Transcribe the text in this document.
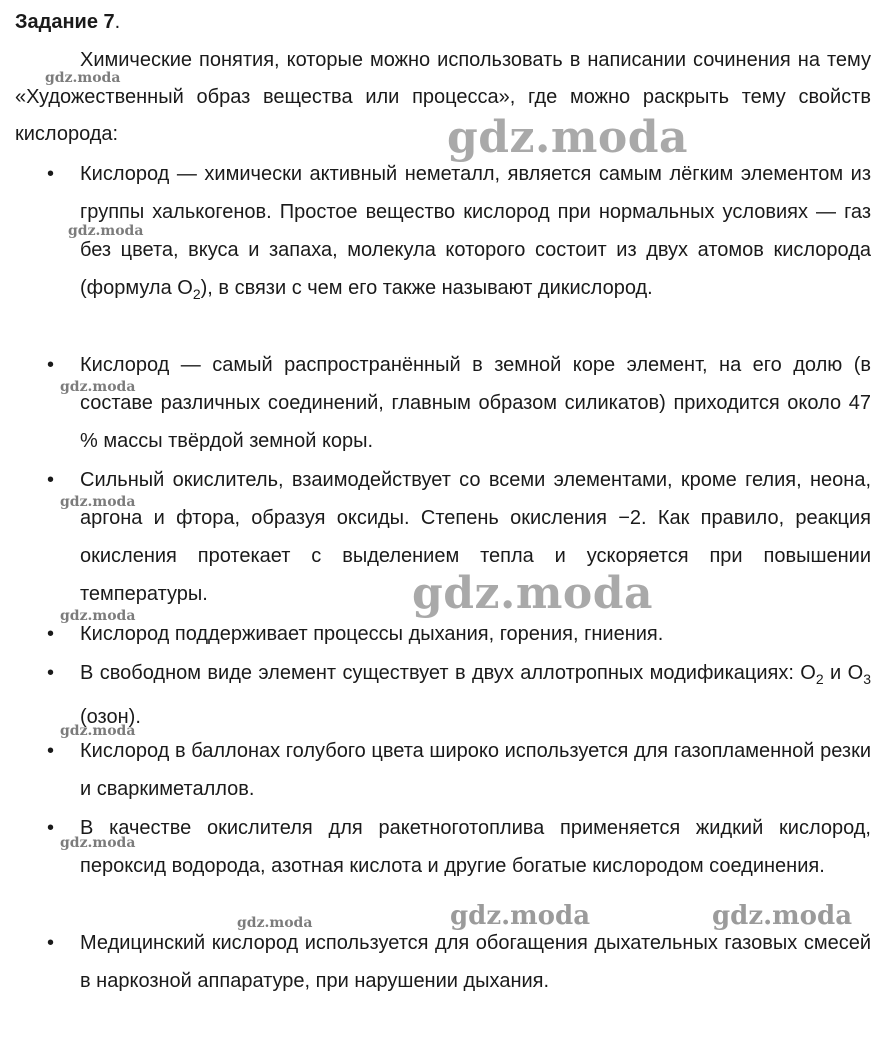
Задание 7.

Химические понятия, которые можно использовать в написании сочинения на тему «Художественный образ вещества или процесса», где можно раскрыть тему свойств кислорода:

• Кислород — химически активный неметалл, является самым лёгким элементом из группы халькогенов. Простое вещество кислород при нормальных условиях — газ без цвета, вкуса и запаха, молекула которого состоит из двух атомов кислорода (формула $O_2$), в связи с чем его также называют дикислород.
• Кислород — самый распространённый в земной коре элемент, на его долю (в составе различных соединений, главным образом силикатов) приходится около 47 % массы твёрдой земной коры.
• Сильный окислитель, взаимодействует со всеми элементами, кроме гелия, неона, аргона и фтора, образуя оксиды. Степень окисления −2. Как правило, реакция окисления протекает с выделением тепла и ускоряется при повышении температуры.
• Кислород поддерживает процессы дыхания, горения, гниения.
• В свободном виде элемент существует в двух аллотропных модификациях: $O_2$ и $O_3$ (озон).
• Кислород в баллонах голубого цвета широко используется для газопламенной резки и сваркиметаллов.
• В качестве окислителя для ракетноготоплива применяется жидкий кислород, пероксид водорода, азотная кислота и другие богатые кислородом соединения.
• Медицинский кислород используется для обогащения дыхательных газовых смесей в наркозной аппаратуре, при нарушении дыхания.
gdz.moda
gdz.moda
gdz.moda
gdz.moda
gdz.moda
gdz.moda
gdz.moda
gdz.moda
gdz.moda
gdz.moda	gdz.moda	gdz.moda
